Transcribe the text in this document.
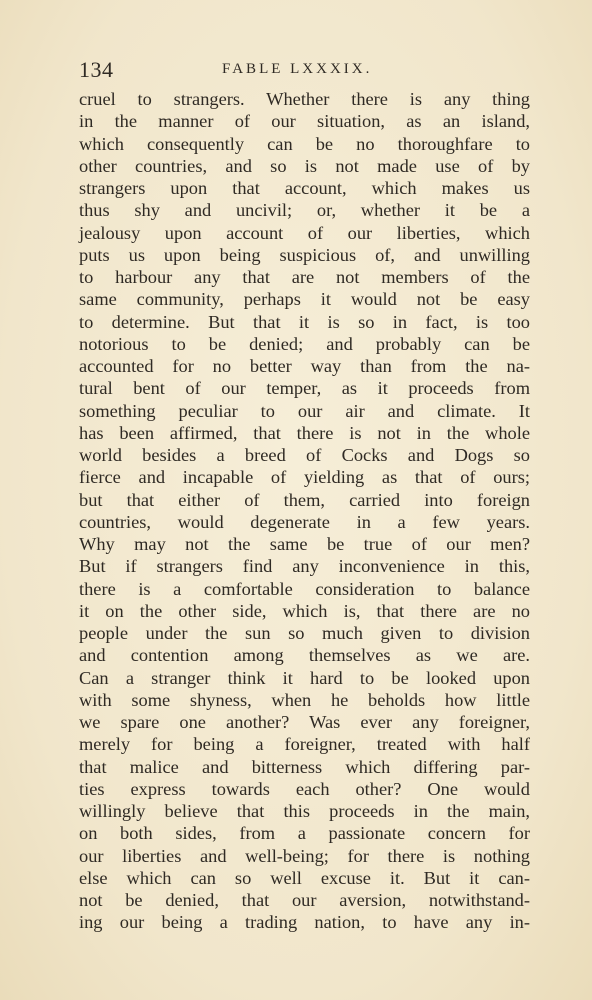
134	FABLE LXXXIX.
cruel to strangers. Whether there is any thing
in the manner of our situation, as an island,
which consequently can be no thoroughfare to
other countries, and so is not made use of by
strangers upon that account, which makes us
thus shy and uncivil; or, whether it be a
jealousy upon account of our liberties, which
puts us upon being suspicious of, and unwilling
to harbour any that are not members of the
same community, perhaps it would not be easy
to determine. But that it is so in fact, is too
notorious to be denied; and probably can be
accounted for no better way than from the na-
tural bent of our temper, as it proceeds from
something peculiar to our air and climate. It
has been affirmed, that there is not in the whole
world besides a breed of Cocks and Dogs so
fierce and incapable of yielding as that of ours;
but that either of them, carried into foreign
countries, would degenerate in a few years.
Why may not the same be true of our men?
But if strangers find any inconvenience in this,
there is a comfortable consideration to balance
it on the other side, which is, that there are no
people under the sun so much given to division
and contention among themselves as we are.
Can a stranger think it hard to be looked upon
with some shyness, when he beholds how little
we spare one another? Was ever any foreigner,
merely for being a foreigner, treated with half
that malice and bitterness which differing par-
ties express towards each other? One would
willingly believe that this proceeds in the main,
on both sides, from a passionate concern for
our liberties and well-being; for there is nothing
else which can so well excuse it. But it can-
not be denied, that our aversion, notwithstand-
ing our being a trading nation, to have any in-
